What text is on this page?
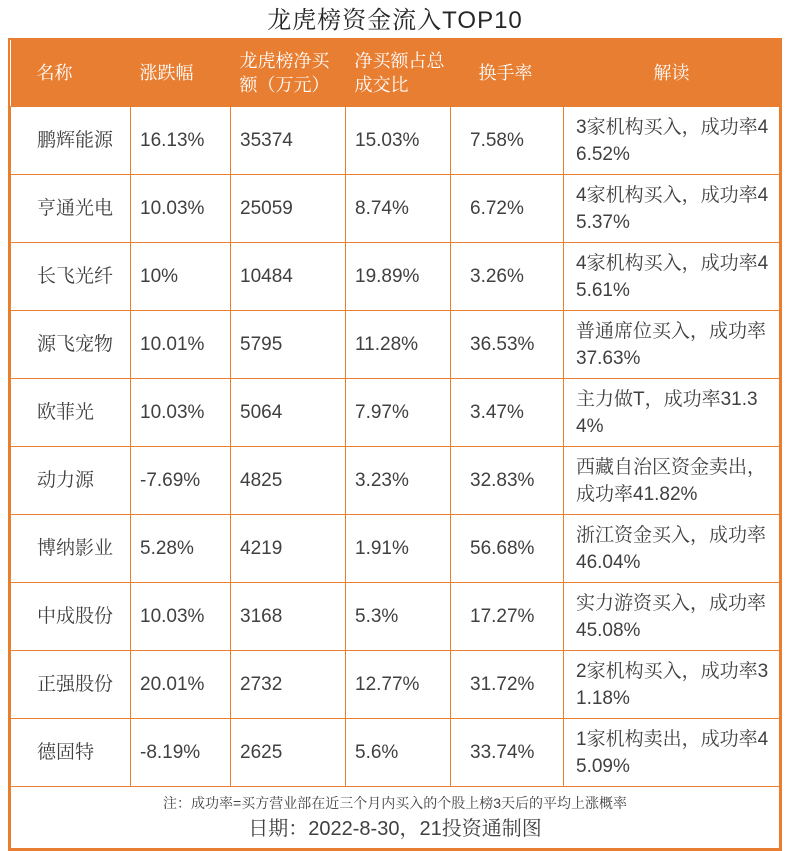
龙虎榜资金流入TOP10
名称	涨跌幅	龙虎榜净买额（万元）	净买额占总成交比	换手率	解读
鹏辉能源	16.13%	35374	15.03%	7.58%	3家机构买入，成功率46.52%
亨通光电	10.03%	25059	8.74%	6.72%	4家机构买入，成功率45.37%
长飞光纤	10%	10484	19.89%	3.26%	4家机构买入，成功率45.61%
源飞宠物	10.01%	5795	11.28%	36.53%	普通席位买入，成功率37.63%
欧菲光	10.03%	5064	7.97%	3.47%	主力做T，成功率31.34%
动力源	-7.69%	4825	3.23%	32.83%	西藏自治区资金卖出，成功率41.82%
博纳影业	5.28%	4219	1.91%	56.68%	浙江资金买入，成功率46.04%
中成股份	10.03%	3168	5.3%	17.27%	实力游资买入，成功率45.08%
正强股份	20.01%	2732	12.77%	31.72%	2家机构买入，成功率31.18%
德固特	-8.19%	2625	5.6%	33.74%	1家机构卖出，成功率45.09%

注：成功率=买方营业部在近三个月内买入的个股上榜3天后的平均上涨概率
日期：2022-8-30，21投资通制图					
